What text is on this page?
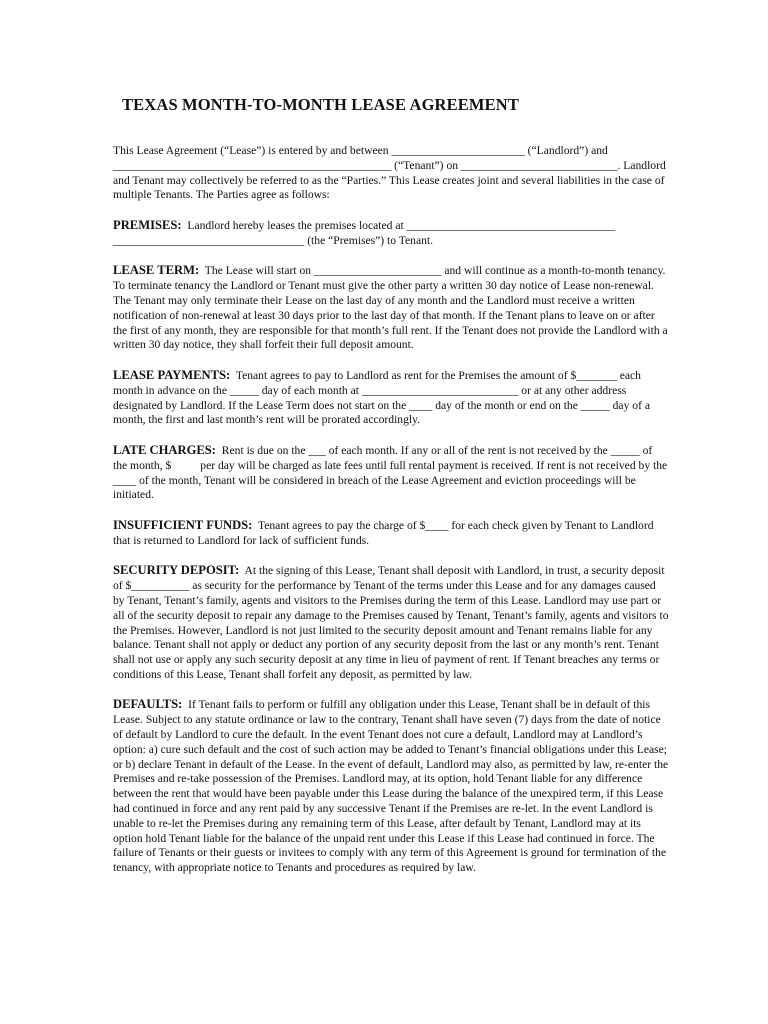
TEXAS MONTH-TO-MONTH LEASE AGREEMENT

This Lease Agreement (“Lease”) is entered by and between _______________________ (“Landlord”) and ________________________________________________ (“Tenant”) on ___________________________. Landlord and Tenant may collectively be referred to as the “Parties.” This Lease creates joint and several liabilities in the case of multiple Tenants. The Parties agree as follows:

PREMISES: Landlord hereby leases the premises located at ____________________________________ _________________________________ (the “Premises”) to Tenant.

LEASE TERM: The Lease will start on ______________________ and will continue as a month-to-month tenancy. To terminate tenancy the Landlord or Tenant must give the other party a written 30 day notice of Lease non-renewal. The Tenant may only terminate their Lease on the last day of any month and the Landlord must receive a written notification of non-renewal at least 30 days prior to the last day of that month. If the Tenant plans to leave on or after the first of any month, they are responsible for that month’s full rent. If the Tenant does not provide the Landlord with a written 30 day notice, they shall forfeit their full deposit amount.

LEASE PAYMENTS: Tenant agrees to pay to Landlord as rent for the Premises the amount of $_______ each month in advance on the _____ day of each month at ___________________________ or at any other address designated by Landlord. If the Lease Term does not start on the ____ day of the month or end on the _____ day of a month, the first and last month’s rent will be prorated accordingly.

LATE CHARGES: Rent is due on the ___ of each month. If any or all of the rent is not received by the _____ of the month, $ per day will be charged as late fees until full rental payment is received. If rent is not received by the ____ of the month, Tenant will be considered in breach of the Lease Agreement and eviction proceedings will be initiated.

INSUFFICIENT FUNDS: Tenant agrees to pay the charge of $____ for each check given by Tenant to Landlord that is returned to Landlord for lack of sufficient funds.

SECURITY DEPOSIT: At the signing of this Lease, Tenant shall deposit with Landlord, in trust, a security deposit of $__________ as security for the performance by Tenant of the terms under this Lease and for any damages caused by Tenant, Tenant’s family, agents and visitors to the Premises during the term of this Lease. Landlord may use part or all of the security deposit to repair any damage to the Premises caused by Tenant, Tenant’s family, agents and visitors to the Premises. However, Landlord is not just limited to the security deposit amount and Tenant remains liable for any balance. Tenant shall not apply or deduct any portion of any security deposit from the last or any month’s rent. Tenant shall not use or apply any such security deposit at any time in lieu of payment of rent. If Tenant breaches any terms or conditions of this Lease, Tenant shall forfeit any deposit, as permitted by law.

DEFAULTS: If Tenant fails to perform or fulfill any obligation under this Lease, Tenant shall be in default of this Lease. Subject to any statute ordinance or law to the contrary, Tenant shall have seven (7) days from the date of notice of default by Landlord to cure the default. In the event Tenant does not cure a default, Landlord may at Landlord’s option: a) cure such default and the cost of such action may be added to Tenant’s financial obligations under this Lease; or b) declare Tenant in default of the Lease. In the event of default, Landlord may also, as permitted by law, re-enter the Premises and re-take possession of the Premises. Landlord may, at its option, hold Tenant liable for any difference between the rent that would have been payable under this Lease during the balance of the unexpired term, if this Lease had continued in force and any rent paid by any successive Tenant if the Premises are re-let. In the event Landlord is unable to re-let the Premises during any remaining term of this Lease, after default by Tenant, Landlord may at its option hold Tenant liable for the balance of the unpaid rent under this Lease if this Lease had continued in force. The failure of Tenants or their guests or invitees to comply with any term of this Agreement is ground for termination of the tenancy, with appropriate notice to Tenants and procedures as required by law.
